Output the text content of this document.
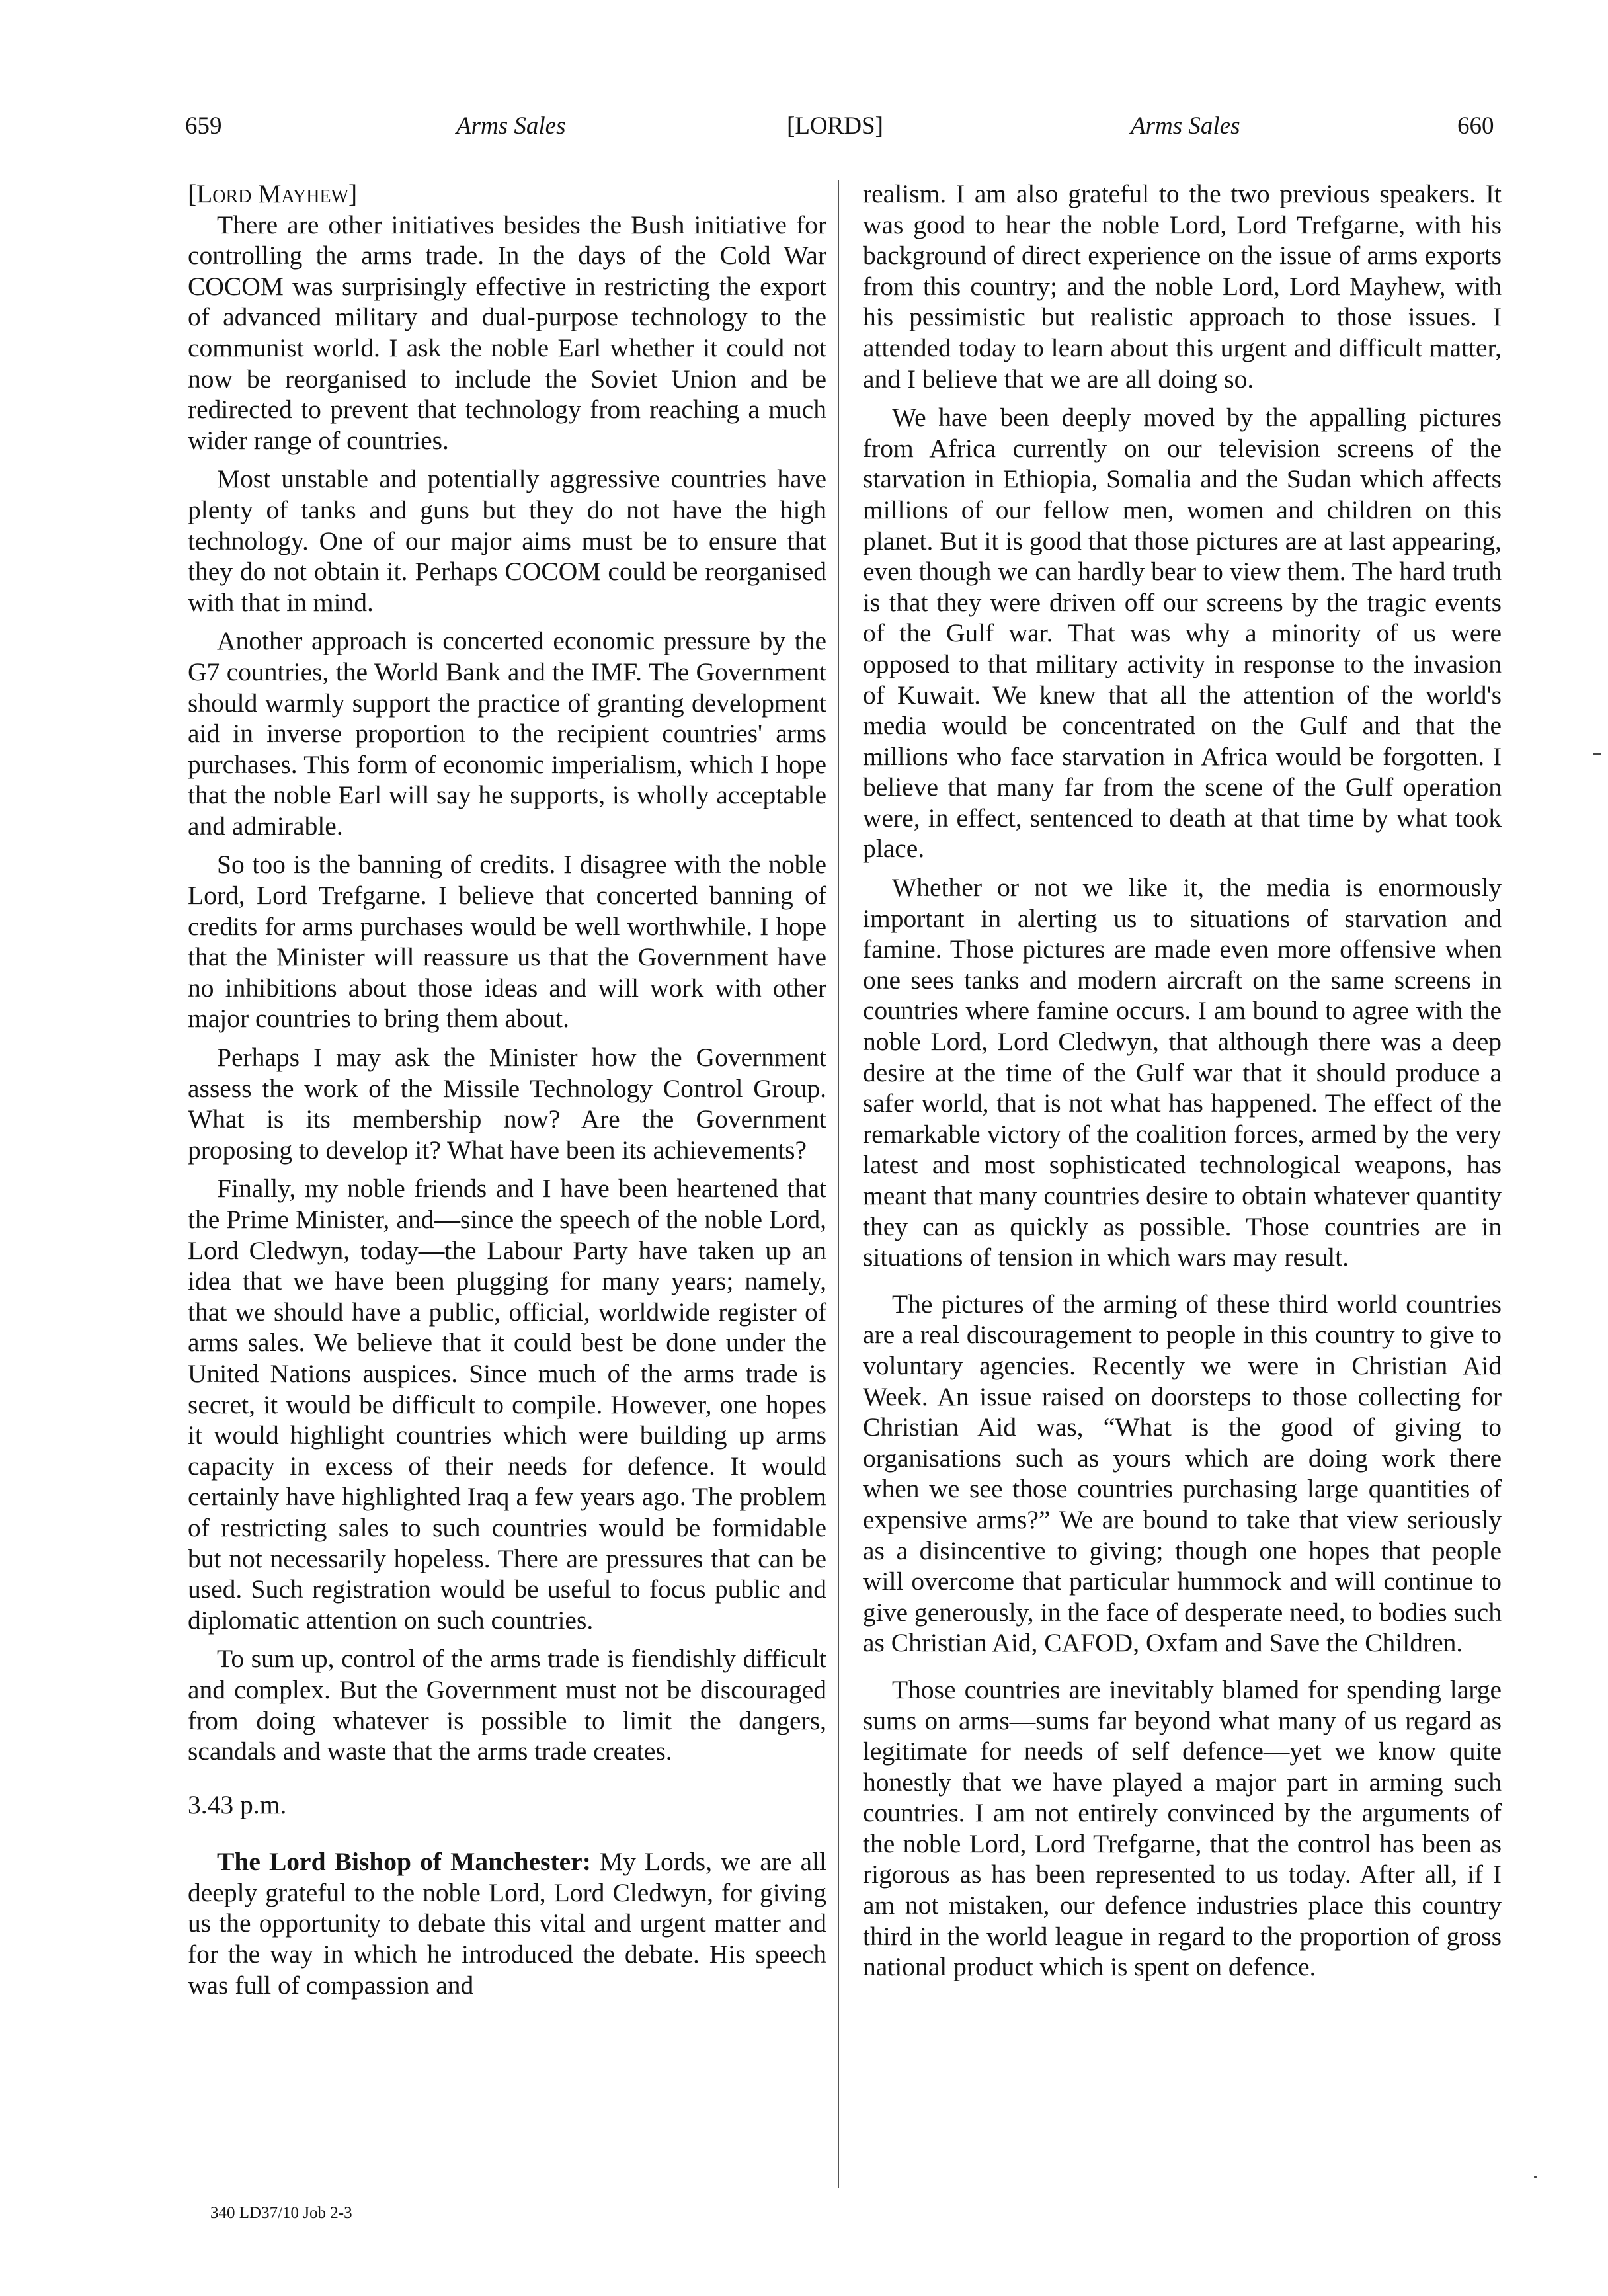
659	Arms Sales	[LORDS]	Arms Sales	660

[Lord Mayhew]

There are other initiatives besides the Bush initiative for controlling the arms trade. In the days of the Cold War COCOM was surprisingly effective in restricting the export of advanced military and dual-purpose technology to the communist world. I ask the noble Earl whether it could not now be reorganised to include the Soviet Union and be redirected to prevent that technology from reaching a much wider range of countries.

Most unstable and potentially aggressive countries have plenty of tanks and guns but they do not have the high technology. One of our major aims must be to ensure that they do not obtain it. Perhaps COCOM could be reorganised with that in mind.

Another approach is concerted economic pressure by the G7 countries, the World Bank and the IMF. The Government should warmly support the practice of granting development aid in inverse proportion to the recipient countries' arms purchases. This form of economic imperialism, which I hope that the noble Earl will say he supports, is wholly acceptable and admirable.

So too is the banning of credits. I disagree with the noble Lord, Lord Trefgarne. I believe that concerted banning of credits for arms purchases would be well worthwhile. I hope that the Minister will reassure us that the Government have no inhibitions about those ideas and will work with other major countries to bring them about.

Perhaps I may ask the Minister how the Government assess the work of the Missile Technology Control Group. What is its membership now? Are the Government proposing to develop it? What have been its achievements?

Finally, my noble friends and I have been heartened that the Prime Minister, and—since the speech of the noble Lord, Lord Cledwyn, today—the Labour Party have taken up an idea that we have been plugging for many years; namely, that we should have a public, official, worldwide register of arms sales. We believe that it could best be done under the United Nations auspices. Since much of the arms trade is secret, it would be difficult to compile. However, one hopes it would highlight countries which were building up arms capacity in excess of their needs for defence. It would certainly have highlighted Iraq a few years ago. The problem of restricting sales to such countries would be formidable but not necessarily hopeless. There are pressures that can be used. Such registration would be useful to focus public and diplomatic attention on such countries.

To sum up, control of the arms trade is fiendishly difficult and complex. But the Government must not be discouraged from doing whatever is possible to limit the dangers, scandals and waste that the arms trade creates.

3.43 p.m.

The Lord Bishop of Manchester: My Lords, we are all deeply grateful to the noble Lord, Lord Cledwyn, for giving us the opportunity to debate this vital and urgent matter and for the way in which he introduced the debate. His speech was full of compassion and

realism. I am also grateful to the two previous speakers. It was good to hear the noble Lord, Lord Trefgarne, with his background of direct experience on the issue of arms exports from this country; and the noble Lord, Lord Mayhew, with his pessimistic but realistic approach to those issues. I attended today to learn about this urgent and difficult matter, and I believe that we are all doing so.

We have been deeply moved by the appalling pictures from Africa currently on our television screens of the starvation in Ethiopia, Somalia and the Sudan which affects millions of our fellow men, women and children on this planet. But it is good that those pictures are at last appearing, even though we can hardly bear to view them. The hard truth is that they were driven off our screens by the tragic events of the Gulf war. That was why a minority of us were opposed to that military activity in response to the invasion of Kuwait. We knew that all the attention of the world's media would be concentrated on the Gulf and that the millions who face starvation in Africa would be forgotten. I believe that many far from the scene of the Gulf operation were, in effect, sentenced to death at that time by what took place.

Whether or not we like it, the media is enormously important in alerting us to situations of starvation and famine. Those pictures are made even more offensive when one sees tanks and modern aircraft on the same screens in countries where famine occurs. I am bound to agree with the noble Lord, Lord Cledwyn, that although there was a deep desire at the time of the Gulf war that it should produce a safer world, that is not what has happened. The effect of the remarkable victory of the coalition forces, armed by the very latest and most sophisticated technological weapons, has meant that many countries desire to obtain whatever quantity they can as quickly as possible. Those countries are in situations of tension in which wars may result.

The pictures of the arming of these third world countries are a real discouragement to people in this country to give to voluntary agencies. Recently we were in Christian Aid Week. An issue raised on doorsteps to those collecting for Christian Aid was, “What is the good of giving to organisations such as yours which are doing work there when we see those countries purchasing large quantities of expensive arms?” We are bound to take that view seriously as a disincentive to giving; though one hopes that people will overcome that particular hummock and will continue to give generously, in the face of desperate need, to bodies such as Christian Aid, CAFOD, Oxfam and Save the Children.

Those countries are inevitably blamed for spending large sums on arms—sums far beyond what many of us regard as legitimate for needs of self defence—yet we know quite honestly that we have played a major part in arming such countries. I am not entirely convinced by the arguments of the noble Lord, Lord Trefgarne, that the control has been as rigorous as has been represented to us today. After all, if I am not mistaken, our defence industries place this country third in the world league in regard to the proportion of gross national product which is spent on defence.

340 LD37/10 Job 2-3
